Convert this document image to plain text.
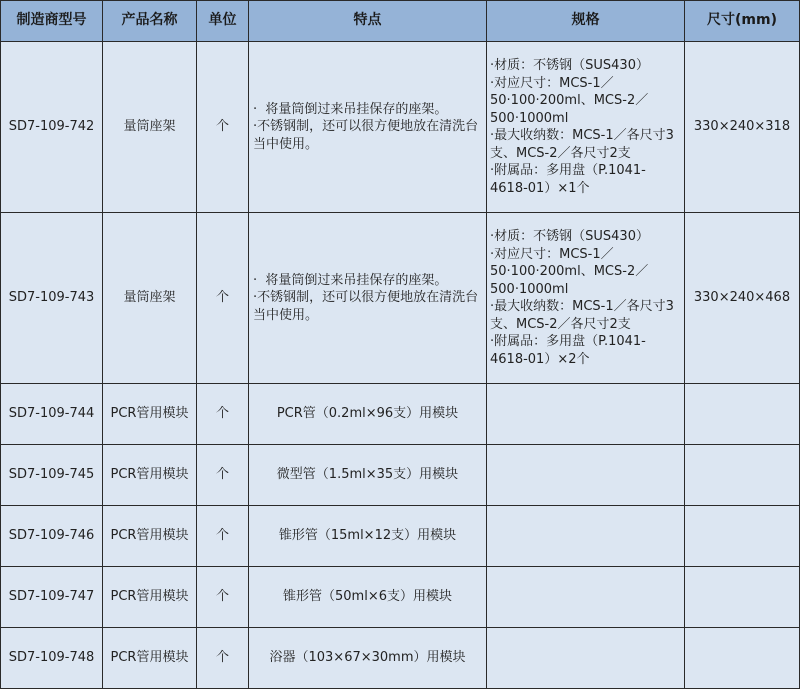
制造商型号	产品名称	单位	特点	规格	尺寸(mm)
SD7-109-742	量筒座架	个	·  将量筒倒过来吊挂保存的座架。
·不锈钢制，还可以很方便地放在清洗台当中使用。	·材质：不锈钢（SUS430）
·对应尺寸：MCS-1／50·100·200ml、MCS-2／500·1000ml
·最大收纳数：MCS-1／各尺寸3支、MCS-2／各尺寸2支
·附属品：多用盘（P.1041-4618-01）×1个	330×240×318
SD7-109-743	量筒座架	个	·  将量筒倒过来吊挂保存的座架。
·不锈钢制，还可以很方便地放在清洗台当中使用。	·材质：不锈钢（SUS430）
·对应尺寸：MCS-1／50·100·200ml、MCS-2／500·1000ml
·最大收纳数：MCS-1／各尺寸3支、MCS-2／各尺寸2支
·附属品：多用盘（P.1041-4618-01）×2个	330×240×468
SD7-109-744	PCR管用模块	个	PCR管（0.2ml×96支）用模块		
SD7-109-745	PCR管用模块	个	微型管（1.5ml×35支）用模块		
SD7-109-746	PCR管用模块	个	锥形管（15ml×12支）用模块		
SD7-109-747	PCR管用模块	个	锥形管（50ml×6支）用模块		
SD7-109-748	PCR管用模块	个	浴器（103×67×30mm）用模块		
